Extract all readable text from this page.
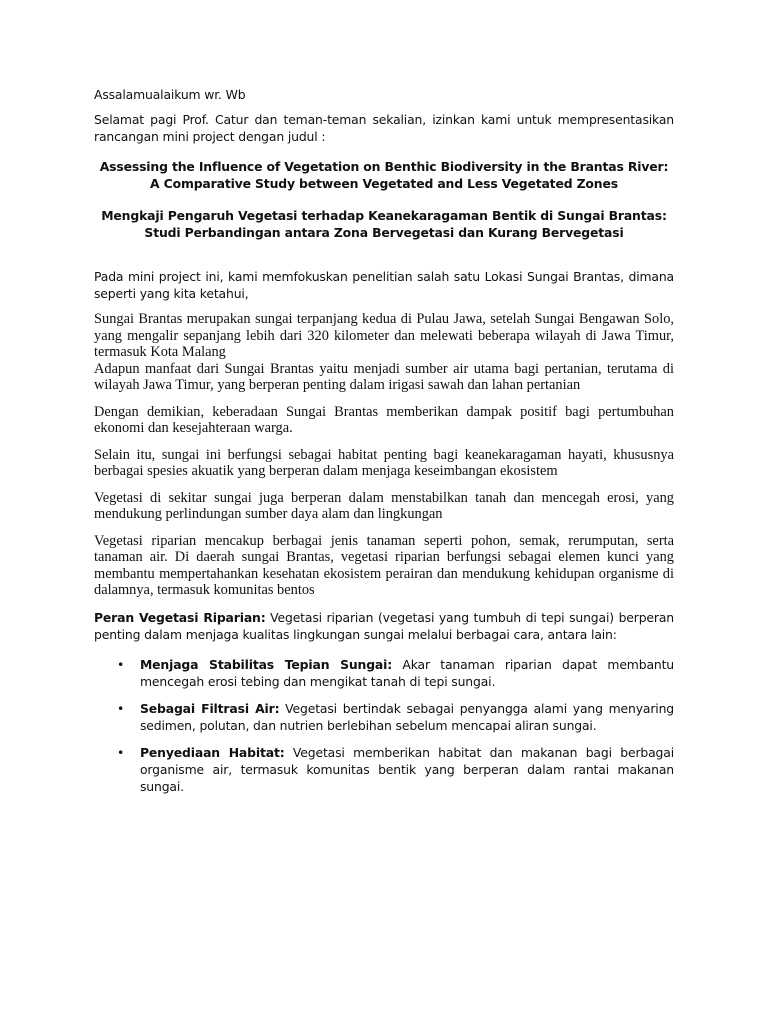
Assalamualaikum wr. Wb

Selamat pagi Prof. Catur dan teman-teman sekalian, izinkan kami untuk mempresentasikan rancangan mini project dengan judul :

Assessing the Influence of Vegetation on Benthic Biodiversity in the Brantas River:
A Comparative Study between Vegetated and Less Vegetated Zones
Mengkaji Pengaruh Vegetasi terhadap Keanekaragaman Bentik di Sungai Brantas:
Studi Perbandingan antara Zona Bervegetasi dan Kurang Bervegetasi

Pada mini project ini, kami memfokuskan penelitian salah satu Lokasi Sungai Brantas, dimana seperti yang kita ketahui,

Sungai Brantas merupakan sungai terpanjang kedua di Pulau Jawa, setelah Sungai Bengawan Solo, yang mengalir sepanjang lebih dari 320 kilometer dan melewati beberapa wilayah di Jawa Timur, termasuk Kota Malang

Adapun manfaat dari Sungai Brantas yaitu menjadi sumber air utama bagi pertanian, terutama di wilayah Jawa Timur, yang berperan penting dalam irigasi sawah dan lahan pertanian

Dengan demikian, keberadaan Sungai Brantas memberikan dampak positif bagi pertumbuhan ekonomi dan kesejahteraan warga.

Selain itu, sungai ini berfungsi sebagai habitat penting bagi keanekaragaman hayati, khususnya berbagai spesies akuatik yang berperan dalam menjaga keseimbangan ekosistem

Vegetasi di sekitar sungai juga berperan dalam menstabilkan tanah dan mencegah erosi, yang mendukung perlindungan sumber daya alam dan lingkungan

Vegetasi riparian mencakup berbagai jenis tanaman seperti pohon, semak, rerumputan, serta tanaman air. Di daerah sungai Brantas, vegetasi riparian berfungsi sebagai elemen kunci yang membantu mempertahankan kesehatan ekosistem perairan dan mendukung kehidupan organisme di dalamnya, termasuk komunitas bentos

Peran Vegetasi Riparian: Vegetasi riparian (vegetasi yang tumbuh di tepi sungai) berperan penting dalam menjaga kualitas lingkungan sungai melalui berbagai cara, antara lain:

• Menjaga Stabilitas Tepian Sungai: Akar tanaman riparian dapat membantu mencegah erosi tebing dan mengikat tanah di tepi sungai.
• Sebagai Filtrasi Air: Vegetasi bertindak sebagai penyangga alami yang menyaring sedimen, polutan, dan nutrien berlebihan sebelum mencapai aliran sungai.
• Penyediaan Habitat: Vegetasi memberikan habitat dan makanan bagi berbagai organisme air, termasuk komunitas bentik yang berperan dalam rantai makanan sungai.
